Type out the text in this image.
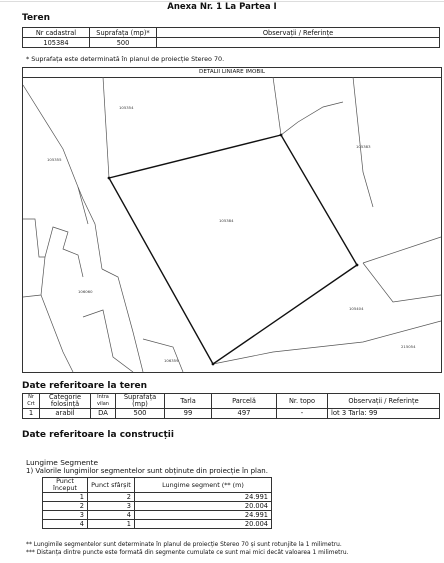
Anexa Nr. 1 La Partea I
Teren
Nr cadastral	Suprafața (mp)*	Observații / Referințe
105384	500	
* Suprafața este determinată în planul de proiecție Stereo 70.
DETALII LINIARE IMOBIL
105384
105354
105355
105383
106060
105404
106359
215054
Date referitoare la teren
Nr Crt	Categorie folosință	Intra vilan	Suprafața (mp)	Tarla	Parcelă	Nr. topo	Observații / Referințe
1	arabil	DA	500	99	497	-	lot 3 Tarla: 99
Date referitoare la construcții
Lungime Segmente
1) Valorile lungimilor segmentelor sunt obținute din proiecție în plan.
Punct început	Punct sfârșit	Lungime segment (** (m)
1	2	24.991
2	3	20.004
3	4	24.991
4	1	20.004
** Lungimile segmentelor sunt determinate în planul de proiecție Stereo 70 și sunt rotunjite la 1 milimetru.
*** Distanța dintre puncte este formată din segmente cumulate ce sunt mai mici decât valoarea 1 milimetru.
